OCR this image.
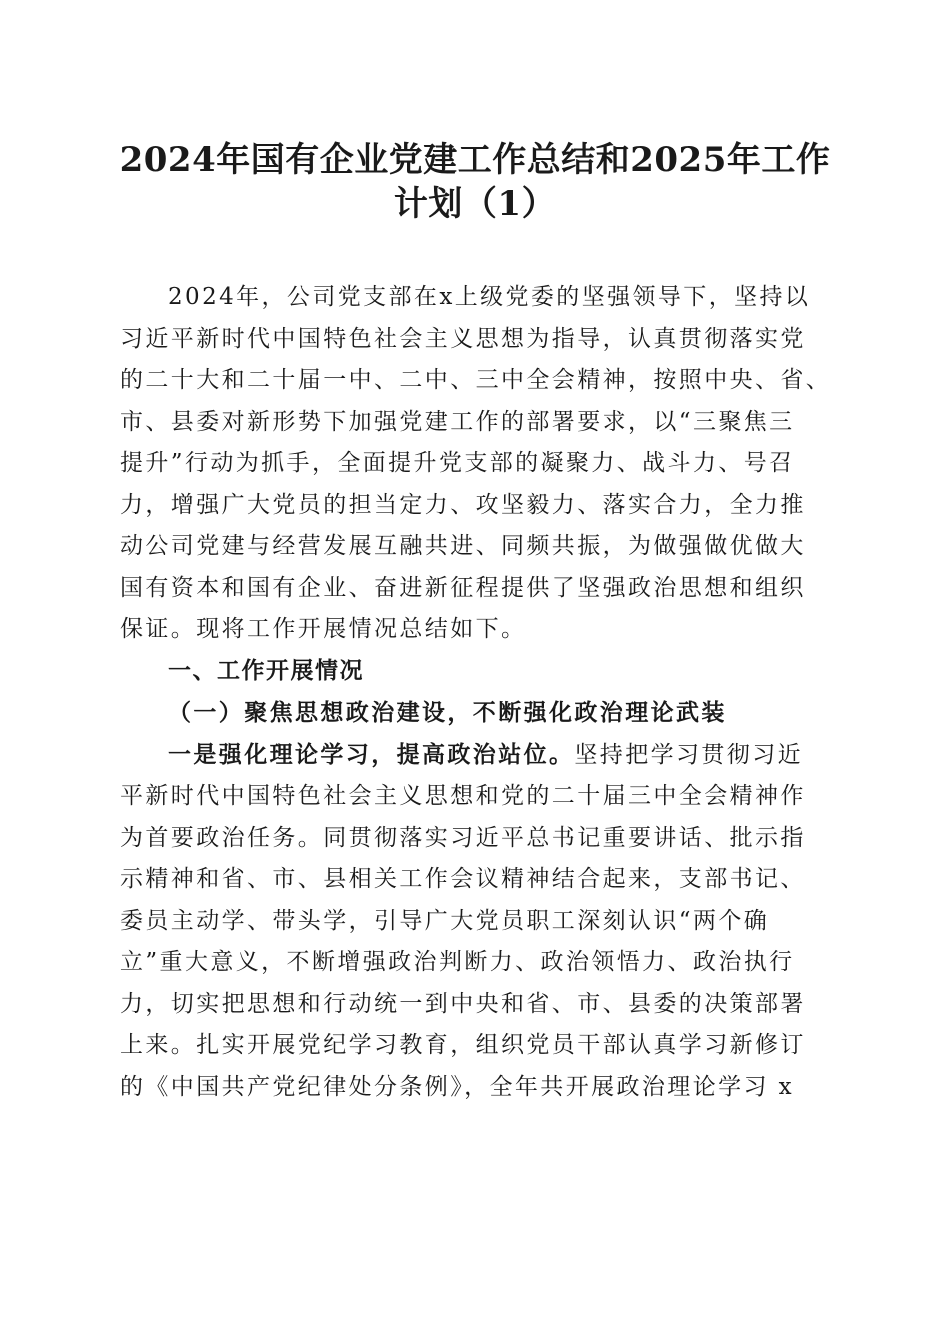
2024年国有企业党建工作总结和2025年工作
计划（1）
2024年，公司党支部在x上级党委的坚强领导下，坚持以
习近平新时代中国特色社会主义思想为指导，认真贯彻落实党
的二十大和二十届一中、二中、三中全会精神，按照中央、省、
市、县委对新形势下加强党建工作的部署要求，以“三聚焦三
提升”行动为抓手，全面提升党支部的凝聚力、战斗力、号召
力，增强广大党员的担当定力、攻坚毅力、落实合力，全力推
动公司党建与经营发展互融共进、同频共振，为做强做优做大
国有资本和国有企业、奋进新征程提供了坚强政治思想和组织
保证。现将工作开展情况总结如下。
一、工作开展情况
（一）聚焦思想政治建设，不断强化政治理论武装
一是强化理论学习，提高政治站位。坚持把学习贯彻习近
平新时代中国特色社会主义思想和党的二十届三中全会精神作
为首要政治任务。同贯彻落实习近平总书记重要讲话、批示指
示精神和省、市、县相关工作会议精神结合起来，支部书记、
委员主动学、带头学，引导广大党员职工深刻认识“两个确
立”重大意义，不断增强政治判断力、政治领悟力、政治执行
力，切实把思想和行动统一到中央和省、市、县委的决策部署
上来。扎实开展党纪学习教育，组织党员干部认真学习新修订
的《中国共产党纪律处分条例》，全年共开展政治理论学习 x
